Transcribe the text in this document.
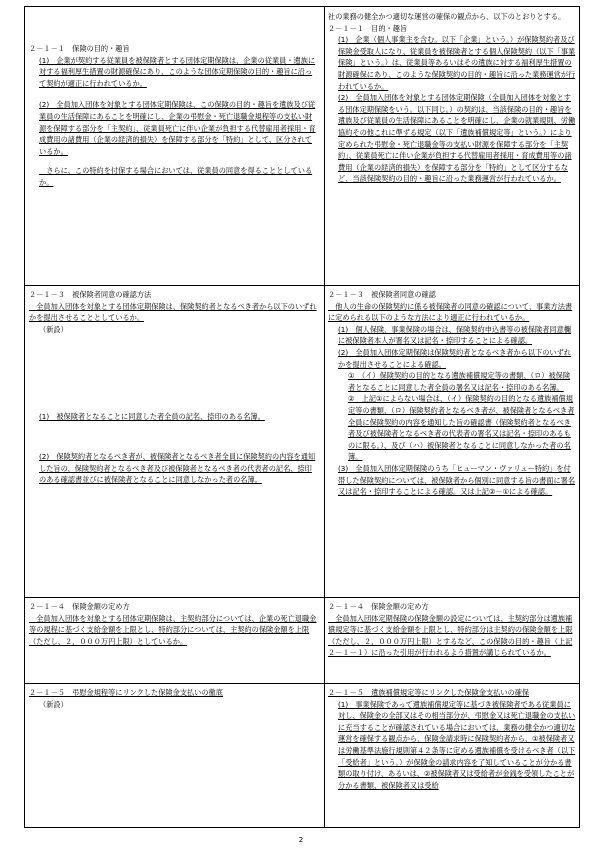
２－１－１　保険の目的・趣旨

(1)　企業が契約する従業員を被保険者とする団体定期保険は、企業の従業員・遺族に対する福利厚生措置の財源確保にあり、このような団体定期保険の目的・趣旨に沿って契約が適正に行われているか。

(2)　全員加入団体を対象とする団体定期保険は、この保険の目的・趣旨を遺族及び従業員の生活保障にあることを明確にし、企業の弔慰金・死亡退職金規程等の支払い財源を保障する部分を「主契約」、従業員死亡に伴い企業が負担する代替雇用者採用・育成費用の諸費用（企業の経済的損失）を保障する部分を「特約」として、区分されているか。

　さらに、この特約を付保する場合においては、従業員の同意を得ることとしているか。

２－１－３　被保険者同意の確認方法

　全員加入団体を対象とする団体定期保険は、保険契約者となるべき者から以下のいずれかを提出させることとしているか。

（新設）

(1)　被保険者となることに同意した者全員の記名、捺印のある名簿。

(2)　保険契約者となるべき者が、被保険者となるべき者全員に保険契約の内容を通知した旨の、保険契約者となるべき者及び被保険者となるべき者の代表者の記名、捺印のある確認書並びに被保険者となることに同意しなかった者の名簿。

２－１－４　保険金額の定め方

　全員加入団体を対象とする団体定期保険は、主契約部分については、企業の死亡退職金等の規程に基づく支給金額を上限とし、特約部分については、主契約の保険金額を上限（ただし、２，０００万円上限）としているか。

２－１－５　弔慰金規程等にリンクした保険金支払いの徹底

（新設）

社の業務の健全かつ適切な運営の確保の観点から、以下のとおりとする。

２－１－１　目的・趣旨

(1)　企業（個人事業主を含む。以下「企業」という。）が保険契約者及び保険金受取人になり、従業員を被保険者とする個人保険契約（以下「事業保険」という。）は、従業員等あるいはその遺族に対する福利厚生措置の財源確保にあり、このような保険契約の目的・趣旨に沿った業務運営が行われているか。

(2)　全員加入団体を対象とする団体定期保険（全員加入団体を対象とする団体定期保険をいう。以下同じ。）の契約は、当該保険の目的・趣旨を遺族及び従業員の生活保障にあることを明確にし、企業の就業規則、労働協約その他これに準ずる規定（以下「遺族補償規定等」という。）により定められた弔慰金・死亡退職金等の支払い財源を保障する部分を「主契約」、従業員死亡に伴い企業が負担する代替雇用者採用・育成費用等の諸費用（企業の経済的損失）を保障する部分を「特約」として区分するなど、当該保険契約の目的・趣旨に沿った業務運営が行われているか。

２－１－３　被保険者同意の確認

　他人の生命の保険契約に係る被保険者の同意の確認について、事業方法書に定められる以下のような方法により適正に行われているか。

(1)　個人保険、事業保険の場合は、保険契約申込書等の被保険者同意欄に被保険者本人が署名又は記名・捺印することによる確認。

(2)　全員加入団体定期保険は保険契約者となるべき者から以下のいずれかを提出させることによる確認。

①　（イ）保険契約の目的となる遺族補償規定等の書類、（ロ）被保険者となることに同意した者全員の署名又は記名・捺印のある名簿。

②　上記①によらない場合は、（イ）保険契約の目的となる遺族補償規定等の書類、（ロ）保険契約者となるべき者が、被保険者となるべき者全員に保険契約の内容を通知した旨の確認書（保険契約者となるべき者及び被保険者となるべき者の代表者の署名又は記名・捺印のあるものに限る。）、及び（ハ）被保険者となることに同意しなかった者の名簿。

(3)　全員加入団体定期保険のうち「ヒューマン・ヴァリュー特約」を付帯した保険契約については、被保険者から個別に同意する旨の書面に署名又は記名・捺印することによる確認。又は上記②－①による確認。

２－１－４　保険金額の定め方

　全員加入団体定期保険の保険金額の設定については、主契約部分は遺族補償規定等に基づく支給金額を上限とし、特約部分は主契約の保険金額を上限（ただし、２，０００万円上限）とするなど、この保険の目的・趣旨（上記２－１－１）に沿った引用が行われるよう措置が講じられているか。

２－１－５　遺族補償規定等にリンクした保険金支払いの確保

(1)　事業保険であって遺族補償規定等に基づき被保険者である従業員に対し、保険金の全部又はその相当部分が、弔慰金又は死亡退職金の支払いに充当することが確認されている場合においては、業務の健全かつ適切な運営を確保する観点から、保険金請求時に保険契約者から、①被保険者又は労働基準法施行規則第４２条等に定める遺族補償を受けるべき者（以下「受給者」という。）が保険金の請求内容を了知していることが分かる書類の取り付け、あるいは、②被保険者又は受給者が金銭を受領したことが分かる書類、被保険者又は受給

2
